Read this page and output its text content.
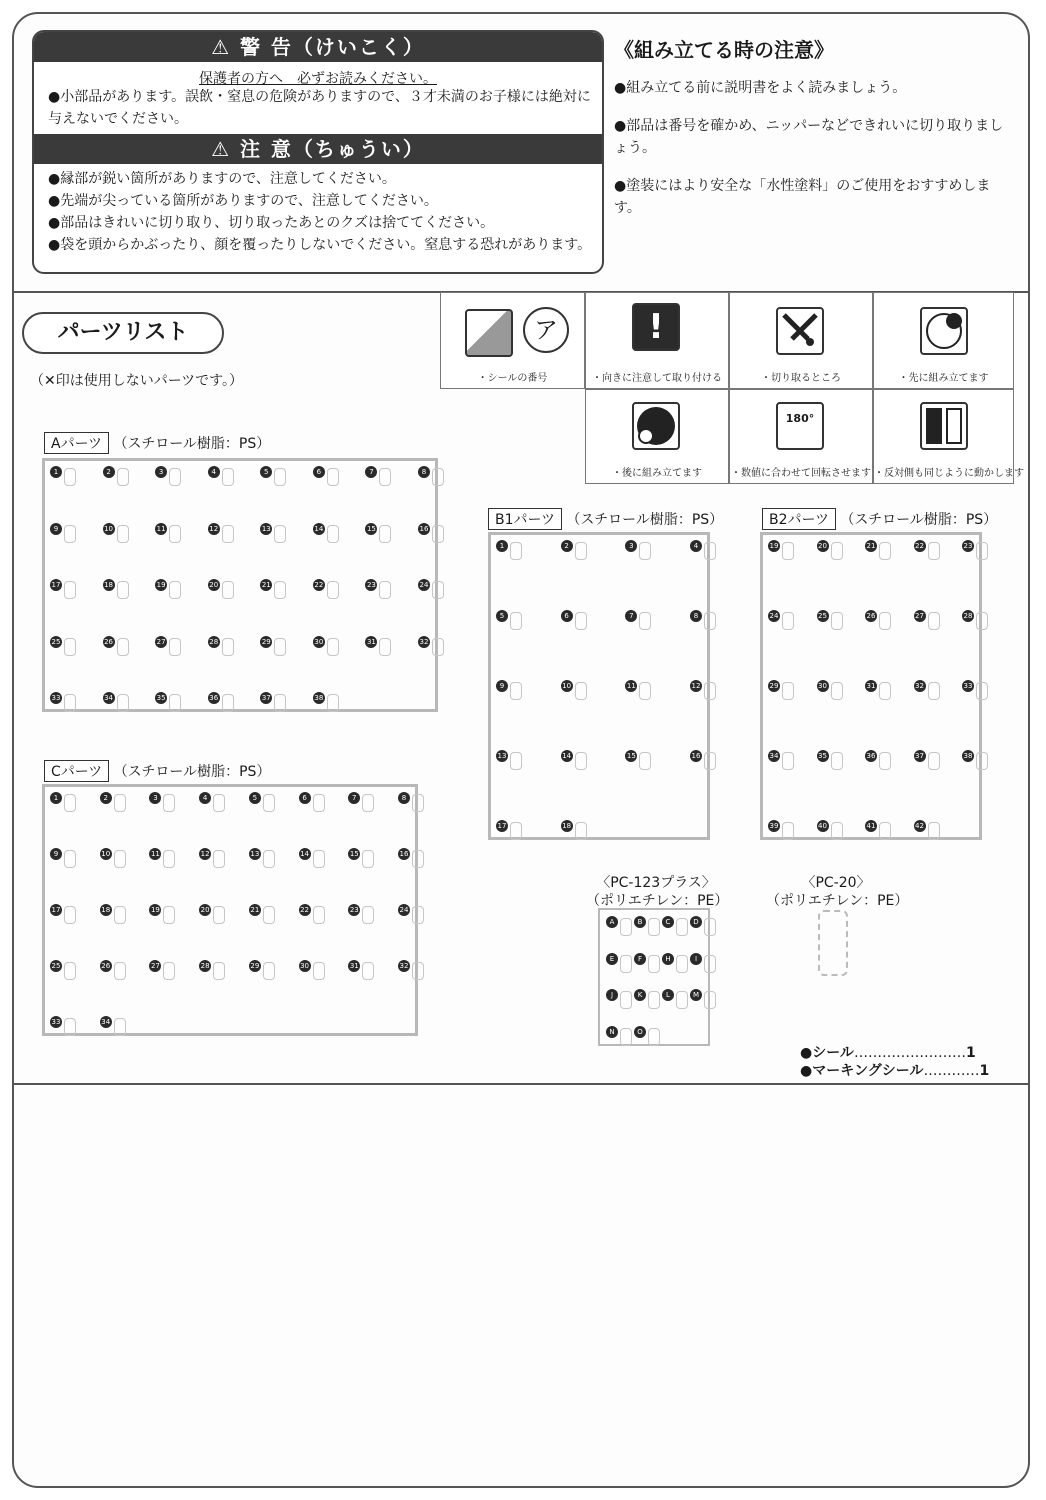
⚠ 警 告（けいこく）
保護者の方へ　必ずお読みください。
●小部品があります。誤飲・窒息の危険がありますので、３才未満のお子様には絶対に与えないでください。
⚠ 注 意（ちゅうい）
●縁部が鋭い箇所がありますので、注意してください。
●先端が尖っている箇所がありますので、注意してください。
●部品はきれいに切り取り、切り取ったあとのクズは捨ててください。
●袋を頭からかぶったり、顔を覆ったりしないでください。窒息する恐れがあります。
《組み立てる時の注意》
●組み立てる前に説明書をよく読みましょう。
●部品は番号を確かめ、ニッパーなどできれいに切り取りましょう。
●塗装にはより安全な「水性塗料」のご使用をおすすめします。
パーツリスト
（✕印は使用しないパーツです。）
ア
・シールの番号
!
・向きに注意して取り付ける	・切り取るところ	・先に組み立てます
・後に組み立てます
180°
・数値に合わせて回転させます ・反対側も同じように動かします
Aパーツ （スチロール樹脂：PS）
B1パーツ （スチロール樹脂：PS）	B2パーツ （スチロール樹脂：PS）
Cパーツ （スチロール樹脂：PS）
〈PC-123プラス〉
（ポリエチレン：PE）
〈PC-20〉
（ポリエチレン：PE）
●シール……………………1
●マーキングシール…………1
1	2	3	4	5	6	7	8
9	10	11	12	13	14	15	16
17	18	19	20	21	22	23	24
25	26	27	28	29	30	31	32
33	34	35	36	37	38
1	2	3	4
5	6	7	8
9	10	11	12
13	14	15	16
17	18
19	20	21	22	23
24	25	26	27	28
29	30	31	32	33
34	35	36	37	38
39	40	41	42
1	2	3	4	5	6	7	8
9	10	11	12	13	14	15	16
17	18	19	20	21	22	23	24
25	26	27	28	29	30	31	32
33	34
A	B	C	D
E	F	H	I
J	K	L	M
N	O
